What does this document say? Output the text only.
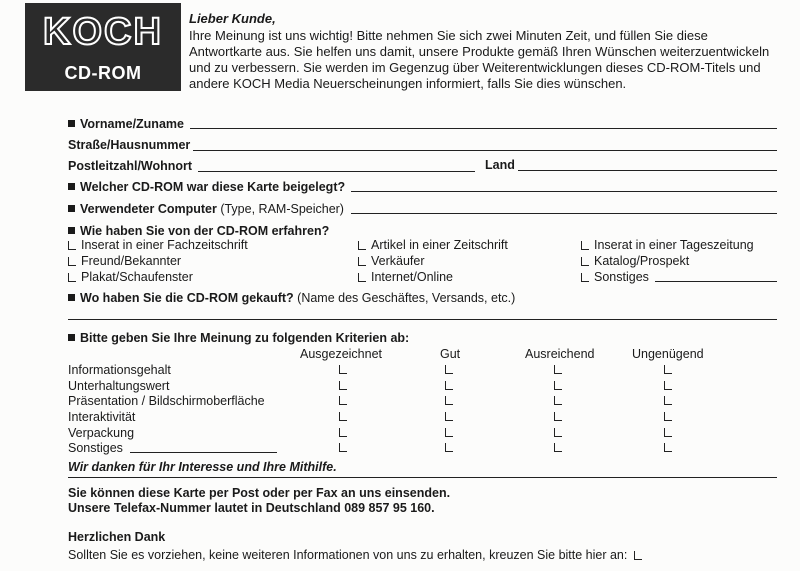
KOCH
CD-ROM
Lieber Kunde,

Ihre Meinung ist uns wichtig! Bitte nehmen Sie sich zwei Minuten Zeit, und füllen Sie diese

Antwortkarte aus. Sie helfen uns damit, unsere Produkte gemäß Ihren Wünschen weiterzuentwickeln

und zu verbessern. Sie werden im Gegenzug über Weiterentwicklungen dieses CD-ROM-Titels und

andere KOCH Media Neuerscheinungen informiert, falls Sie dies wünschen.

Vorname/Zuname
Straße/Hausnummer
Postleitzahl/Wohnort	Land
Welcher CD-ROM war diese Karte beigelegt?
Verwendeter Computer (Type, RAM-Speicher)
Wie haben Sie von der CD-ROM erfahren?
Inserat in einer Fachzeitschrift	Artikel in einer Zeitschrift	Inserat in einer Tageszeitung
Freund/Bekannter	Verkäufer	Katalog/Prospekt
Plakat/Schaufenster	Internet/Online	Sonstiges
Wo haben Sie die CD-ROM gekauft? (Name des Geschäftes, Versands, etc.)
Bitte geben Sie Ihre Meinung zu folgenden Kriterien ab:
Ausgezeichnet	Gut	Ausreichend	Ungenügend
Informationsgehalt
Unterhaltungswert
Präsentation / Bildschirmoberfläche
Interaktivität
Verpackung
Sonstiges
Wir danken für Ihr Interesse und Ihre Mithilfe.
Sie können diese Karte per Post oder per Fax an uns einsenden.
Unsere Telefax-Nummer lautet in Deutschland 089 857 95 160.
Herzlichen Dank
Sollten Sie es vorziehen, keine weiteren Informationen von uns zu erhalten, kreuzen Sie bitte hier an:
